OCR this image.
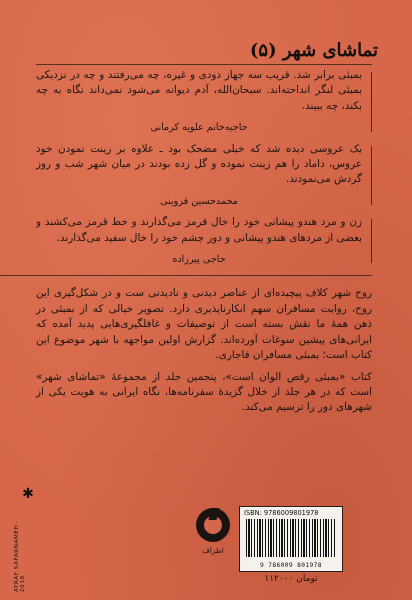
تماشای شهر (۵)

بمبئی برابر شد. قریب سه جهاز دودی و غیره، چه می‌رفتند و چه در نزدیکی بمبئی لنگر انداخته‌اند. سبحان‌الله، آدم دیوانه می‌شود نمی‌داند نگاه به چه بکند، چه ببیند.

حاجیه‌خانم علویه کرمانی

یک عروسی دیده شد که خیلی مضحک بود ـ علاوه بر زینت نمودن خود عروس، داماد را هم زینت نموده و گل زده بودند در میان شهر شب و روز گردش می‌نمودند.

محمدحسین قزوینی

زن و مرد هندو پیشانی خود را خال قرمز می‌گذارند و خط قرمز می‌کشند و بعضی از مردهای هندو پیشانی و دور چشم خود را خال سفید می‌گذارند.

حاجی پیرزاده

روح شهر کلاف پیچیده‌ای از عناصر دیدنی و نادیدنی ست و در شکل‌گیری این روح، روایت مسافران سهم انکارناپذیری دارد. تصویر خیالی که از بمبئی در ذهن همهٔ ما نقش بسته است از توصیفات و غافلگیری‌هایی پدید آمده که ایرانی‌های پیشین سوغات آورده‌اند. گزارش اولین مواجهه با شهر موضوع این کتاب است؛ بمبئی مسافران قاجاری.

کتاب «بمبئی رقص الوان است»، پنجمین جلد از مجموعهٔ «تماشای شهر» است که در هر جلد از خلال گزیدهٔ سفرنامه‌ها، نگاه ایرانی به هویت یکی از شهرهای دور را ترسیم می‌کند.

✱
ATRAF SAFARNAMEH · 2018
اطراف
ISBN: 9786009801978
9 786009 801978
۱۱۲۰۰۰ تومان
